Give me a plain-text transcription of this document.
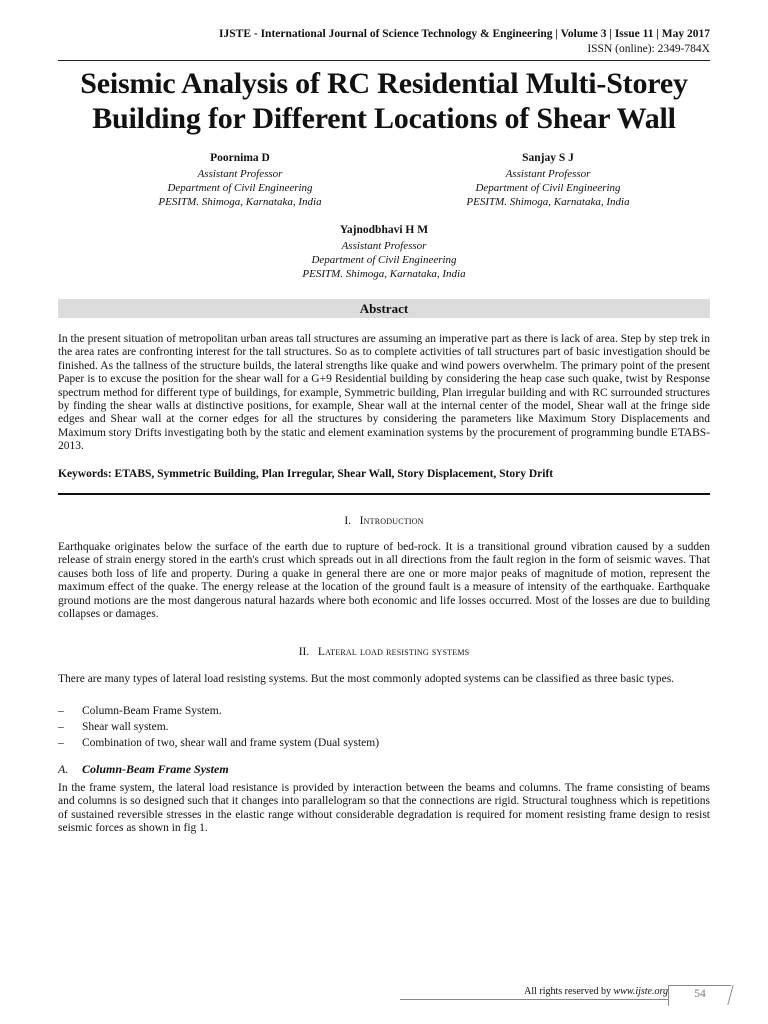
IJSTE - International Journal of Science Technology & Engineering | Volume 3 | Issue 11 | May 2017
ISSN (online): 2349-784X
Seismic Analysis of RC Residential Multi-Storey
Building for Different Locations of Shear Wall
Poornima D
Assistant Professor
Department of Civil Engineering
PESITM. Shimoga, Karnataka, India
Sanjay S J
Assistant Professor
Department of Civil Engineering
PESITM. Shimoga, Karnataka, India
Yajnodbhavi H M
Assistant Professor
Department of Civil Engineering
PESITM. Shimoga, Karnataka, India
Abstract

In the present situation of metropolitan urban areas tall structures are assuming an imperative part as there is lack of area. Step by step trek in the area rates are confronting interest for the tall structures. So as to complete activities of tall structures part of basic investigation should be finished. As the tallness of the structure builds, the lateral strengths like quake and wind powers overwhelm. The primary point of the present Paper is to excuse the position for the shear wall for a G+9 Residential building by considering the heap case such quake, twist by Response spectrum method for different type of buildings, for example, Symmetric building, Plan irregular building and with RC surrounded structures by finding the shear walls at distinctive positions, for example, Shear wall at the internal center of the model, Shear wall at the fringe side edges and Shear wall at the corner edges for all the structures by considering the parameters like Maximum Story Displacements and Maximum story Drifts investigating both by the static and element examination systems by the procurement of programming bundle ETABS-2013.

Keywords: ETABS, Symmetric Building, Plan Irregular, Shear Wall, Story Displacement, Story Drift

I. Introduction

Earthquake originates below the surface of the earth due to rupture of bed-rock. It is a transitional ground vibration caused by a sudden release of strain energy stored in the earth's crust which spreads out in all directions from the fault region in the form of seismic waves. That causes both loss of life and property. During a quake in general there are one or more major peaks of magnitude of motion, represent the maximum effect of the quake. The energy release at the location of the ground fault is a measure of intensity of the earthquake. Earthquake ground motions are the most dangerous natural hazards where both economic and life losses occurred. Most of the losses are due to building collapses or damages.

II. Lateral load resisting systems

There are many types of lateral load resisting systems. But the most commonly adopted systems can be classified as three basic types.

– Column-Beam Frame System.
– Shear wall system.
– Combination of two, shear wall and frame system (Dual system)
A. Column-Beam Frame System

In the frame system, the lateral load resistance is provided by interaction between the beams and columns. The frame consisting of beams and columns is so designed such that it changes into parallelogram so that the connections are rigid. Structural toughness which is repetitions of sustained reversible stresses in the elastic range without considerable degradation is required for moment resisting frame design to resist seismic forces as shown in fig 1.

All rights reserved by www.ijste.org	54
